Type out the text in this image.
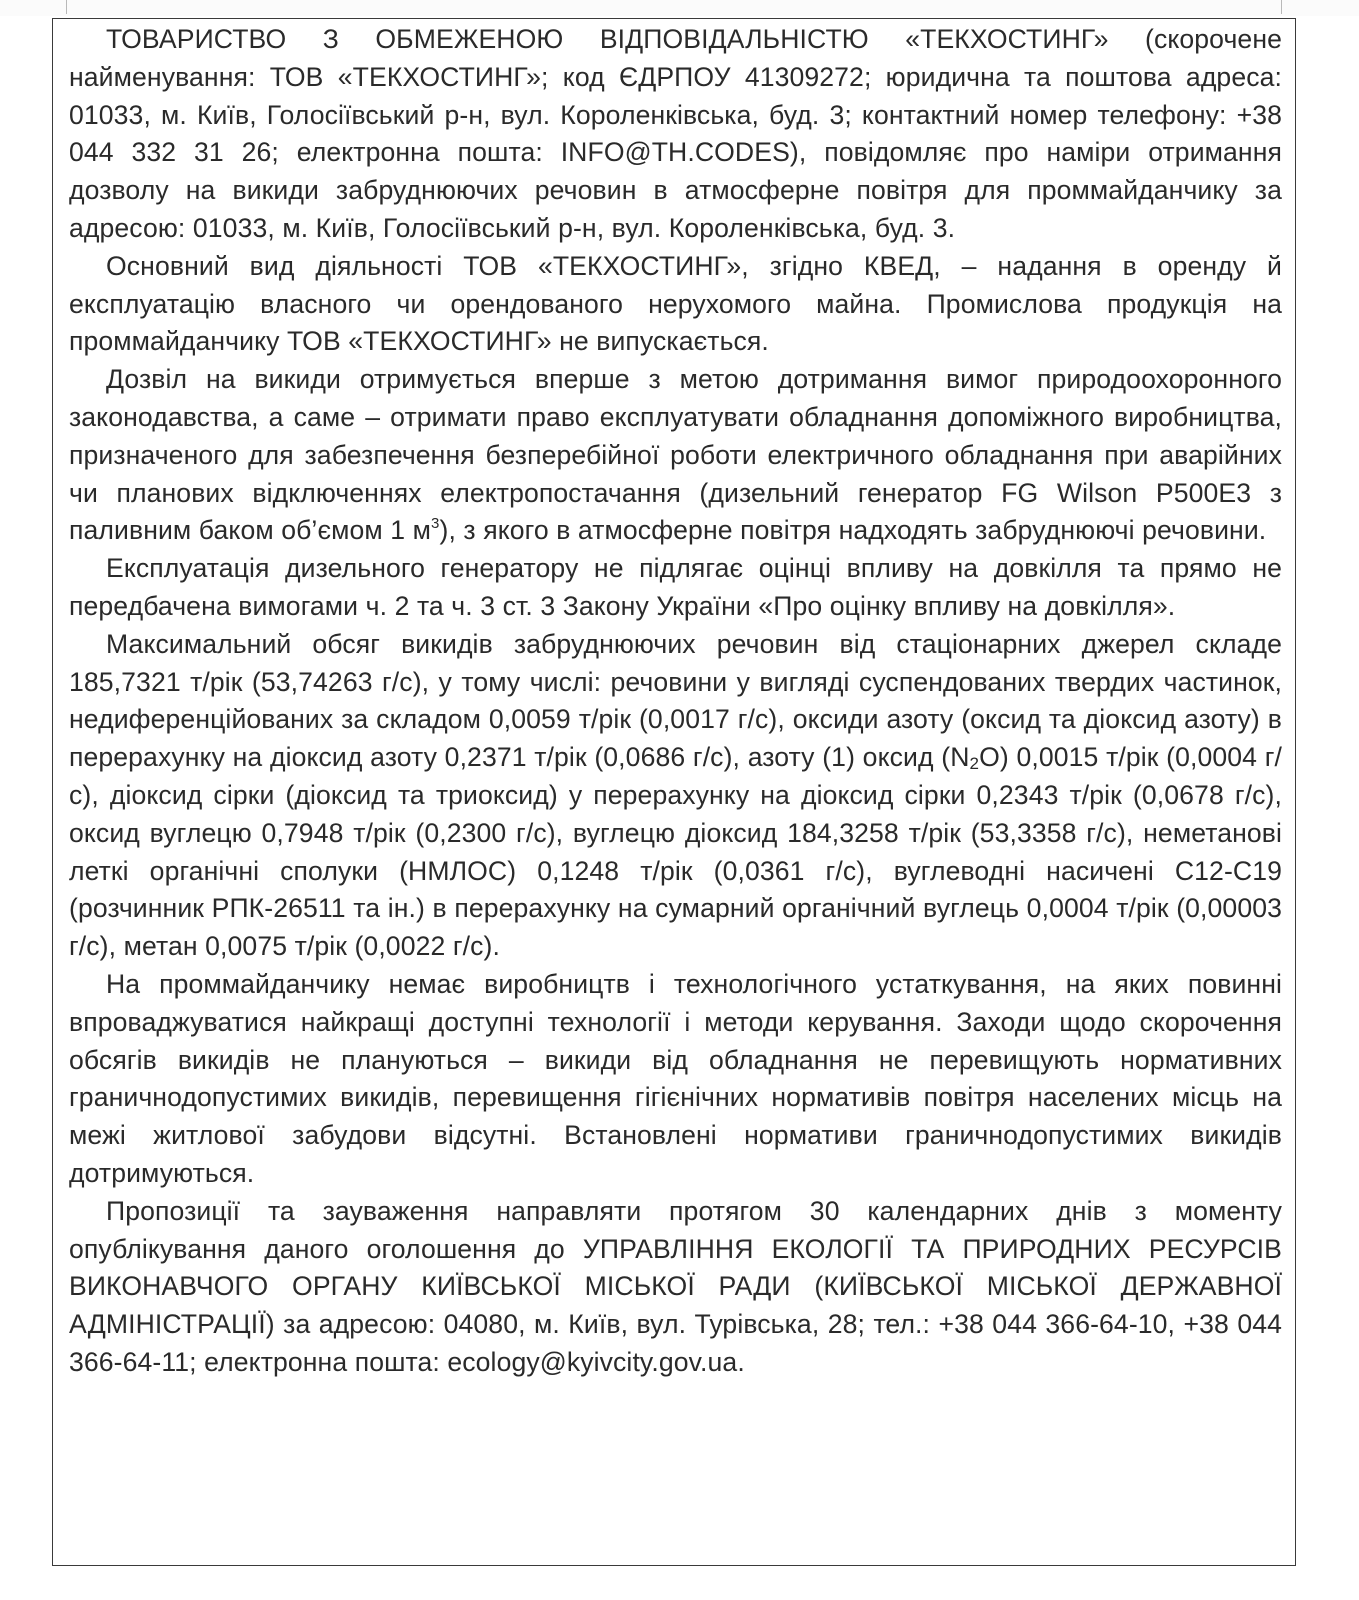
ТОВАРИСТВО З ОБМЕЖЕНОЮ ВІДПОВІДАЛЬНІСТЮ «ТЕКХОСТИНГ» (скорочене найменування: ТОВ «ТЕКХОСТИНГ»; код ЄДРПОУ 41309272; юридична та поштова адреса: 01033, м. Київ, Голосіївський р-н, вул. Короленківська, буд. 3; контактний номер телефону: +38 044 332 31 26; електронна пошта: INFO@TH.CODES), повідомляє про наміри отримання дозволу на викиди забруднюючих речовин в атмосферне повітря для проммайданчику за адресою: 01033, м. Київ, Голосіївський р-н, вул. Короленківська, буд. 3.

Основний вид діяльності ТОВ «ТЕКХОСТИНГ», згідно КВЕД, – надання в оренду й експлуатацію власного чи орендованого нерухомого майна. Промислова продукція на проммайданчику ТОВ «ТЕКХОСТИНГ» не випускається.

Дозвіл на викиди отримується вперше з метою дотримання вимог природоохоронного законодавства, а саме – отримати право експлуатувати обладнання допоміжного виробництва, призначеного для забезпечення безперебійної роботи електричного обладнання при аварійних чи планових відключеннях електропостачання (дизельний генератор FG Wilson P500E3 з паливним баком об’ємом 1 $м^3$), з якого в атмосферне повітря надходять забруднюючі речовини.

Експлуатація дизельного генератору не підлягає оцінці впливу на довкілля та прямо не передбачена вимогами ч. 2 та ч. 3 ст. 3 Закону України «Про оцінку впливу на довкілля».

Максимальний обсяг викидів забруднюючих речовин від стаціонарних джерел складе 185,7321 т/рік (53,74263 г/с), у тому числі: речовини у вигляді суспендованих твердих частинок, недиференційованих за складом 0,0059 т/рік (0,0017 г/с), оксиди азоту (оксид та діоксид азоту) в перерахунку на діоксид азоту 0,2371 т/рік (0,0686 г/с), азоту (1) оксид $(N_2O)$ 0,0015 т/рік (0,0004 г/с), діоксид сірки (діоксид та триоксид) у перерахунку на діоксид сірки 0,2343 т/рік (0,0678 г/с), оксид вуглецю 0,7948 т/рік (0,2300 г/с), вуглецю діоксид 184,3258 т/рік (53,3358 г/с), неметанові леткі органічні сполуки (НМЛОС) 0,1248 т/рік (0,0361 г/с), вуглеводні насичені С12-С19 (розчинник РПК-26511 та ін.) в перерахунку на сумарний органічний вуглець 0,0004 т/рік (0,00003 г/с), метан 0,0075 т/рік (0,0022 г/с).

На проммайданчику немає виробництв і технологічного устаткування, на яких повинні впроваджуватися найкращі доступні технології і методи керування. Заходи щодо скорочення обсягів викидів не плануються – викиди від обладнання не перевищують нормативних граничнодопустимих викидів, перевищення гігієнічних нормативів повітря населених місць на межі житлової забудови відсутні. Встановлені нормативи граничнодопустимих викидів дотримуються.

Пропозиції та зауваження направляти протягом 30 календарних днів з моменту опублікування даного оголошення до УПРАВЛІННЯ ЕКОЛОГІЇ ТА ПРИРОДНИХ РЕСУРСІВ ВИКОНАВЧОГО ОРГАНУ КИЇВСЬКОЇ МІСЬКОЇ РАДИ (КИЇВСЬКОЇ МІСЬКОЇ ДЕРЖАВНОЇ АДМІНІСТРАЦІЇ) за адресою: 04080, м. Київ, вул. Турівська, 28; тел.: +38 044 366-64-10, +38 044 366-64-11; електронна пошта: ecology@kyivcity.gov.ua.
